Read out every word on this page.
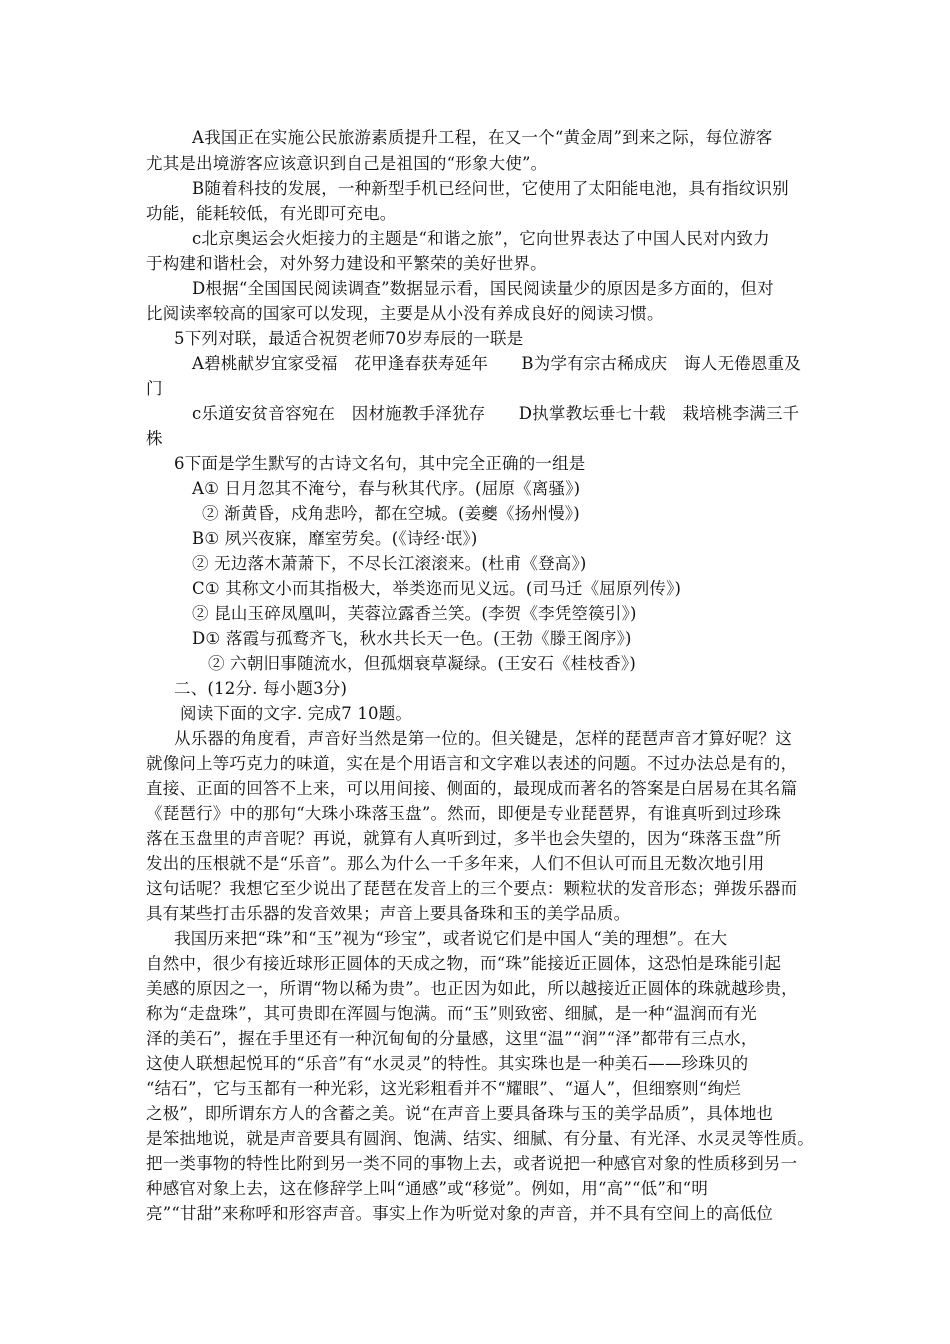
A我国正在实施公民旅游素质提升工程，在又一个“黄金周”到来之际，每位游客
尤其是出境游客应该意识到自己是祖国的“形象大使”。
B随着科技的发展，一种新型手机已经问世，它使用了太阳能电池，具有指纹识别
功能，能耗较低，有光即可充电。
c北京奥运会火炬接力的主题是“和谐之旅”，它向世界表达了中国人民对内致力
于构建和谐杜会，对外努力建设和平繁荣的美好世界。
D根据“全国国民阅读调查”数据显示看，国民阅读量少的原因是多方面的，但对
比阅读率较高的国家可以发现，主要是从小没有养成良好的阅读习惯。
5下列对联，最适合祝贺老师70岁寿辰的一联是
A碧桃献岁宜家受福　花甲逢春获寿延年　　B为学有宗古稀成庆　诲人无倦恩重及
门
c乐道安贫音容宛在　因材施教手泽犹存　　D执掌教坛垂七十载　栽培桃李满三千
株
6下面是学生默写的古诗文名句，其中完全正确的一组是
A① 日月忽其不淹兮，春与秋其代序。(屈原《离骚》)
② 渐黄昏，戍角悲吟，都在空城。(姜夔《扬州慢》)
B① 夙兴夜寐，靡室劳矣。(《诗经·氓》)
② 无边落木萧萧下，不尽长江滚滚来。(杜甫《登高》)
C① 其称文小而其指极大，举类迩而见义远。(司马迁《屈原列传》)
② 昆山玉碎凤凰叫，芙蓉泣露香兰笑。(李贺《李凭箜篌引》)
D① 落霞与孤鹜齐飞，秋水共长天一色。(王勃《滕王阁序》)
② 六朝旧事随流水，但孤烟衰草凝绿。(王安石《桂枝香》)
二、(12分. 每小题3分)
阅读下面的文字. 完成7 10题。
从乐器的角度看，声音好当然是第一位的。但关键是，怎样的琵琶声音才算好呢？这
就像问上等巧克力的味道，实在是个用语言和文字难以表述的问题。不过办法总是有的，
直接、正面的回答不上来，可以用间接、侧面的，最现成而著名的答案是白居易在其名篇
《琵琶行》中的那句“大珠小珠落玉盘”。然而，即便是专业琵琶界，有谁真听到过珍珠
落在玉盘里的声音呢？再说，就算有人真听到过，多半也会失望的，因为“珠落玉盘”所
发出的压根就不是“乐音”。那么为什么一千多年来，人们不但认可而且无数次地引用
这句话呢？我想它至少说出了琵琶在发音上的三个要点：颗粒状的发音形态；弹拨乐器而
具有某些打击乐器的发音效果；声音上要具备珠和玉的美学品质。
我国历来把“珠”和“玉”视为“珍宝”，或者说它们是中国人“美的理想”。在大
自然中，很少有接近球形正圆体的天成之物，而“珠”能接近正圆体，这恐怕是珠能引起
美感的原因之一，所谓“物以稀为贵”。也正因为如此，所以越接近正圆体的珠就越珍贵，
称为“走盘珠”，其可贵即在浑圆与饱满。而“玉”则致密、细腻，是一种“温润而有光
泽的美石”，握在手里还有一种沉甸甸的分量感，这里“温”“润”“泽”都带有三点水，
这使人联想起悦耳的“乐音”有“水灵灵”的特性。其实珠也是一种美石——珍珠贝的
“结石”，它与玉都有一种光彩，这光彩粗看并不“耀眼”、“逼人”，但细察则“绚烂
之极”，即所谓东方人的含蓄之美。说“在声音上要具备珠与玉的美学品质”，具体地也
是笨拙地说，就是声音要具有圆润、饱满、结实、细腻、有分量、有光泽、水灵灵等性质。
把一类事物的特性比附到另一类不同的事物上去，或者说把一种感官对象的性质移到另一
种感官对象上去，这在修辞学上叫“通感”或“移觉”。例如，用“高”“低”和“明
亮”“甘甜”来称呼和形容声音。事实上作为听觉对象的声音，并不具有空间上的高低位
